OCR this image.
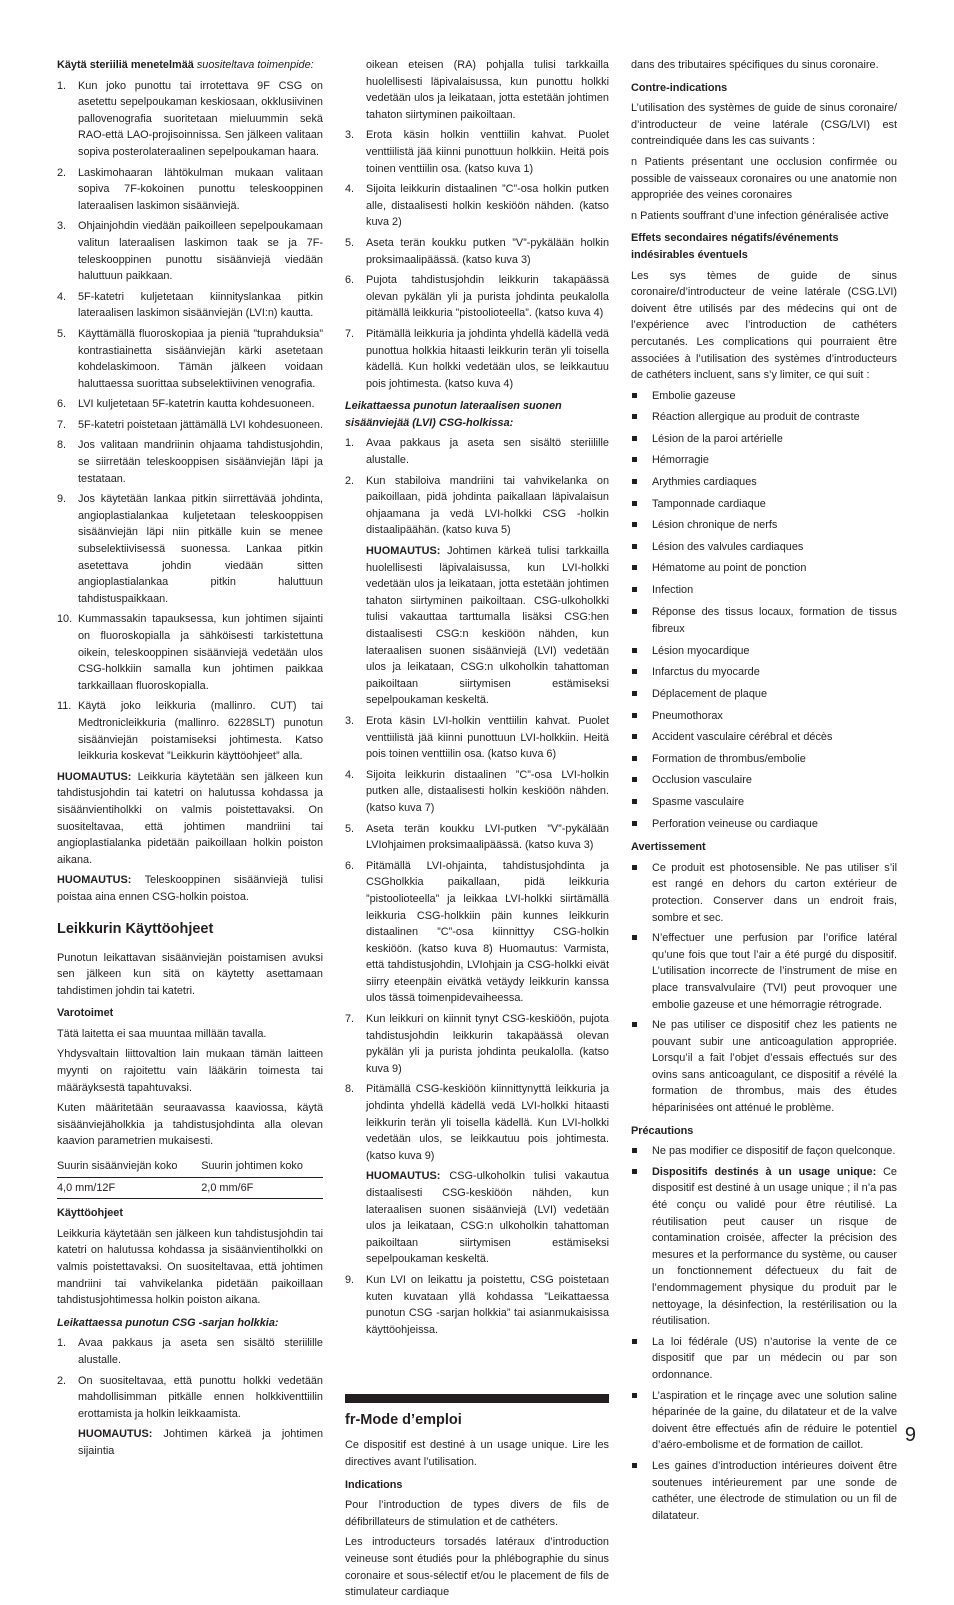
Käytä steriiliä menetelmää suositeltava toimenpide:

1. Kun joko punottu tai irrotettava 9F CSG on asetettu sepelpoukaman keskiosaan, okklusiivinen pallovenografia suoritetaan mieluummin sekä RAO-että LAO-projisoinnissa. Sen jälkeen valitaan sopiva posterolateraalinen sepelpoukaman haara.
2. Laskimohaaran lähtökulman mukaan valitaan sopiva 7F-kokoinen punottu teleskooppinen lateraalisen laskimon sisäänviejä.
3. Ohjainjohdin viedään paikoilleen sepelpoukamaan valitun lateraalisen laskimon taak se ja 7F-teleskooppinen punottu sisäänviejä viedään haluttuun paikkaan.
4. 5F-katetri kuljetetaan kiinnityslankaa pitkin lateraalisen laskimon sisäänviejän (LVI:n) kautta.
5. Käyttämällä fluoroskopiaa ja pieniä ”tuprahduksia” kontrastiainetta sisäänviejän kärki asetetaan kohdelaskimoon. Tämän jälkeen voidaan haluttaessa suorittaa subselektiivinen venografia.
6. LVI kuljetetaan 5F-katetrin kautta kohdesuoneen.
7. 5F-katetri poistetaan jättämällä LVI kohdesuoneen.
8. Jos valitaan mandriinin ohjaama tahdistusjohdin, se siirretään teleskooppisen sisäänviejän läpi ja testataan.
9. Jos käytetään lankaa pitkin siirrettävää johdinta, angioplastialankaa kuljetetaan teleskooppisen sisäänviejän läpi niin pitkälle kuin se menee subselektiivisessä suonessa. Lankaa pitkin asetettava johdin viedään sitten angioplastialankaa pitkin haluttuun tahdistuspaikkaan.
10. Kummassakin tapauksessa, kun johtimen sijainti on fluoroskopialla ja sähköisesti tarkistettuna oikein, teleskooppinen sisäänviejä vedetään ulos CSG-holkkiin samalla kun johtimen paikkaa tarkkaillaan fluoroskopialla.
11. Käytä joko leikkuria (mallinro. CUT) tai Medtronicleikkuria (mallinro. 6228SLT) punotun sisäänviejän poistamiseksi johtimesta. Katso leikkuria koskevat ”Leikkurin käyttöohjeet” alla.

HUOMAUTUS: Leikkuria käytetään sen jälkeen kun tahdistusjohdin tai katetri on halutussa kohdassa ja sisäänvientiholkki on valmis poistettavaksi. On suositeltavaa, että johtimen mandriini tai angioplastialanka pidetään paikoillaan holkin poiston aikana.

HUOMAUTUS: Teleskooppinen sisäänviejä tulisi poistaa aina ennen CSG-holkin poistoa.

Leikkurin Käyttöohjeet

Punotun leikattavan sisäänviejän poistamisen avuksi sen jälkeen kun sitä on käytetty asettamaan tahdistimen johdin tai katetri.

Varotoimet

Tätä laitetta ei saa muuntaa millään tavalla.

Yhdysvaltain liittovaltion lain mukaan tämän laitteen myynti on rajoitettu vain lääkärin toimesta tai määräyksestä tapahtuvaksi.

Kuten määritetään seuraavassa kaaviossa, käytä sisäänviejäholkkia ja tahdistusjohdinta alla olevan kaavion parametrien mukaisesti.

Suurin sisäänviejän koko	Suurin johtimen koko
4,0 mm/12F	2,0 mm/6F
Käyttöohjeet

Leikkuria käytetään sen jälkeen kun tahdistusjohdin tai katetri on halutussa kohdassa ja sisäänvientiholkki on valmis poistettavaksi. On suositeltavaa, että johtimen mandriini tai vahvikelanka pidetään paikoillaan tahdistusjohtimessa holkin poiston aikana.

Leikattaessa punotun CSG -sarjan holkkia:
1. Avaa pakkaus ja aseta sen sisältö steriilille alustalle.
2. On suositeltavaa, että punottu holkki vedetään mahdollisimman pitkälle ennen holkkiventtiilin erottamista ja holkin leikkaamista.

HUOMAUTUS: Johtimen kärkeä ja johtimen sijaintia

oikean eteisen (RA) pohjalla tulisi tarkkailla huolellisesti läpivalaisussa, kun punottu holkki vedetään ulos ja leikataan, jotta estetään johtimen tahaton siirtyminen paikoiltaan.

3. Erota käsin holkin venttiilin kahvat. Puolet venttiilistä jää kiinni punottuun holkkiin. Heitä pois toinen venttiilin osa. (katso kuva 1)
4. Sijoita leikkurin distaalinen ”C”-osa holkin putken alle, distaalisesti holkin keskiöön nähden. (katso kuva 2)
5. Aseta terän koukku putken ”V”-pykälään holkin proksimaalipäässä. (katso kuva 3)
6. Pujota tahdistusjohdin leikkurin takapäässä olevan pykälän yli ja purista johdinta peukalolla pitämällä leikkuria ”pistoolioteella”. (katso kuva 4)
7. Pitämällä leikkuria ja johdinta yhdellä kädellä vedä punottua holkkia hitaasti leikkurin terän yli toisella kädellä. Kun holkki vedetään ulos, se leikkautuu pois johtimesta. (katso kuva 4)
Leikattaessa punotun lateraalisen suonen sisäänviejää (LVI) CSG-holkissa:
1. Avaa pakkaus ja aseta sen sisältö steriilille alustalle.
2. Kun stabiloiva mandriini tai vahvikelanka on paikoillaan, pidä johdinta paikallaan läpivalaisun ohjaamana ja vedä LVI-holkki CSG -holkin distaalipäähän. (katso kuva 5)

HUOMAUTUS: Johtimen kärkeä tulisi tarkkailla huolellisesti läpivalaisussa, kun LVI-holkki vedetään ulos ja leikataan, jotta estetään johtimen tahaton siirtyminen paikoiltaan. CSG-ulkoholkki tulisi vakauttaa tarttumalla lisäksi CSG:hen distaalisesti CSG:n keskiöön nähden, kun lateraalisen suonen sisäänviejä (LVI) vedetään ulos ja leikataan, CSG:n ulkoholkin tahattoman paikoiltaan siirtymisen estämiseksi sepelpoukaman keskeltä.

3. Erota käsin LVI-holkin venttiilin kahvat. Puolet venttiilistä jää kiinni punottuun LVI-holkkiin. Heitä pois toinen venttiilin osa. (katso kuva 6)
4. Sijoita leikkurin distaalinen ”C”-osa LVI-holkin putken alle, distaalisesti holkin keskiöön nähden. (katso kuva 7)
5. Aseta terän koukku LVI-putken ”V”-pykälään LVIohjaimen proksimaalipäässä. (katso kuva 3)
6. Pitämällä LVI-ohjainta, tahdistusjohdinta ja CSGholkkia paikallaan, pidä leikkuria ”pistoolioteella” ja leikkaa LVI-holkki siirtämällä leikkuria CSG-holkkiin päin kunnes leikkurin distaalinen ”C”-osa kiinnittyy CSG-holkin keskiöön. (katso kuva 8) Huomautus: Varmista, että tahdistusjohdin, LVIohjain ja CSG-holkki eivät siirry eteenpäin eivätkä vetäydy leikkurin kanssa ulos tässä toimenpidevaiheessa.
7. Kun leikkuri on kiinnit tynyt CSG-keskiöön, pujota tahdistusjohdin leikkurin takapäässä olevan pykälän yli ja purista johdinta peukalolla. (katso kuva 9)
8. Pitämällä CSG-keskiöön kiinnittynyttä leikkuria ja johdinta yhdellä kädellä vedä LVI-holkki hitaasti leikkurin terän yli toisella kädellä. Kun LVI-holkki vedetään ulos, se leikkautuu pois johtimesta. (katso kuva 9)

HUOMAUTUS: CSG-ulkoholkin tulisi vakautua distaalisesti CSG-keskiöön nähden, kun lateraalisen suonen sisäänviejä (LVI) vedetään ulos ja leikataan, CSG:n ulkoholkin tahattoman paikoiltaan siirtymisen estämiseksi sepelpoukaman keskeltä.

9. Kun LVI on leikattu ja poistettu, CSG poistetaan kuten kuvataan yllä kohdassa ”Leikattaessa punotun CSG -sarjan holkkia” tai asianmukaisissa käyttöohjeissa.
fr-Mode d’emploi

Ce dispositif est destiné à un usage unique. Lire les directives avant l’utilisation.

Indications

Pour l’introduction de types divers de fils de défibrillateurs de stimulation et de cathéters.

Les introducteurs torsadés latéraux d’introduction veineuse sont étudiés pour la phlébographie du sinus coronaire et sous-sélectif et/ou le placement de fils de stimulateur cardiaque

dans des tributaires spécifiques du sinus coronaire.

Contre-indications

L’utilisation des systèmes de guide de sinus coronaire/ d’introducteur de veine latérale (CSG/LVI) est contreindiquée dans les cas suivants :

n Patients présentant une occlusion confirmée ou possible de vaisseaux coronaires ou une anatomie non appropriée des veines coronaires

n Patients souffrant d’une infection généralisée active

Effets secondaires négatifs/événements indésirables éventuels

Les sys tèmes de guide de sinus coronaire/d’introducteur de veine latérale (CSG.LVI) doivent être utilisés par des médecins qui ont de l’expérience avec l’introduction de cathéters percutanés. Les complications qui pourraient être associées à l’utilisation des systèmes d’introducteurs de cathéters incluent, sans s’y limiter, ce qui suit :

Embolie gazeuse
Réaction allergique au produit de contraste
Lésion de la paroi artérielle
Hémorragie
Arythmies cardiaques
Tamponnade cardiaque
Lésion chronique de nerfs
Lésion des valvules cardiaques
Hématome au point de ponction
Infection
Réponse des tissus locaux, formation de tissus fibreux
Lésion myocardique
Infarctus du myocarde
Déplacement de plaque
Pneumothorax
Accident vasculaire cérébral et décès
Formation de thrombus/embolie
Occlusion vasculaire
Spasme vasculaire
Perforation veineuse ou cardiaque
Avertissement
Ce produit est photosensible. Ne pas utiliser s’il est rangé en dehors du carton extérieur de protection. Conserver dans un endroit frais, sombre et sec.
N’effectuer une perfusion par l’orifice latéral qu’une fois que tout l’air a été purgé du dispositif. L’utilisation incorrecte de l’instrument de mise en place transvalvulaire (TVI) peut provoquer une embolie gazeuse et une hémorragie rétrograde.
Ne pas utiliser ce dispositif chez les patients ne pouvant subir une anticoagulation appropriée. Lorsqu’il a fait l’objet d’essais effectués sur des ovins sans anticoagulant, ce dispositif a révélé la formation de thrombus, mais des études héparinisées ont atténué le problème.
Précautions
Ne pas modifier ce dispositif de façon quelconque.
Dispositifs destinés à un usage unique: Ce dispositif est destiné à un usage unique ; il n’a pas été conçu ou validé pour être réutilisé. La réutilisation peut causer un risque de contamination croisée, affecter la précision des mesures et la performance du système, ou causer un fonctionnement défectueux du fait de l’endommagement physique du produit par le nettoyage, la désinfection, la restérilisation ou la réutilisation.
La loi fédérale (US) n’autorise la vente de ce dispositif que par un médecin ou par son ordonnance.
L’aspiration et le rinçage avec une solution saline héparinée de la gaine, du dilatateur et de la valve doivent être effectués afin de réduire le potentiel d’aéro-embolisme et de formation de caillot.
Les gaines d’introduction intérieures doivent être soutenues intérieurement par une sonde de cathéter, une électrode de stimulation ou un fil de dilatateur.
9
